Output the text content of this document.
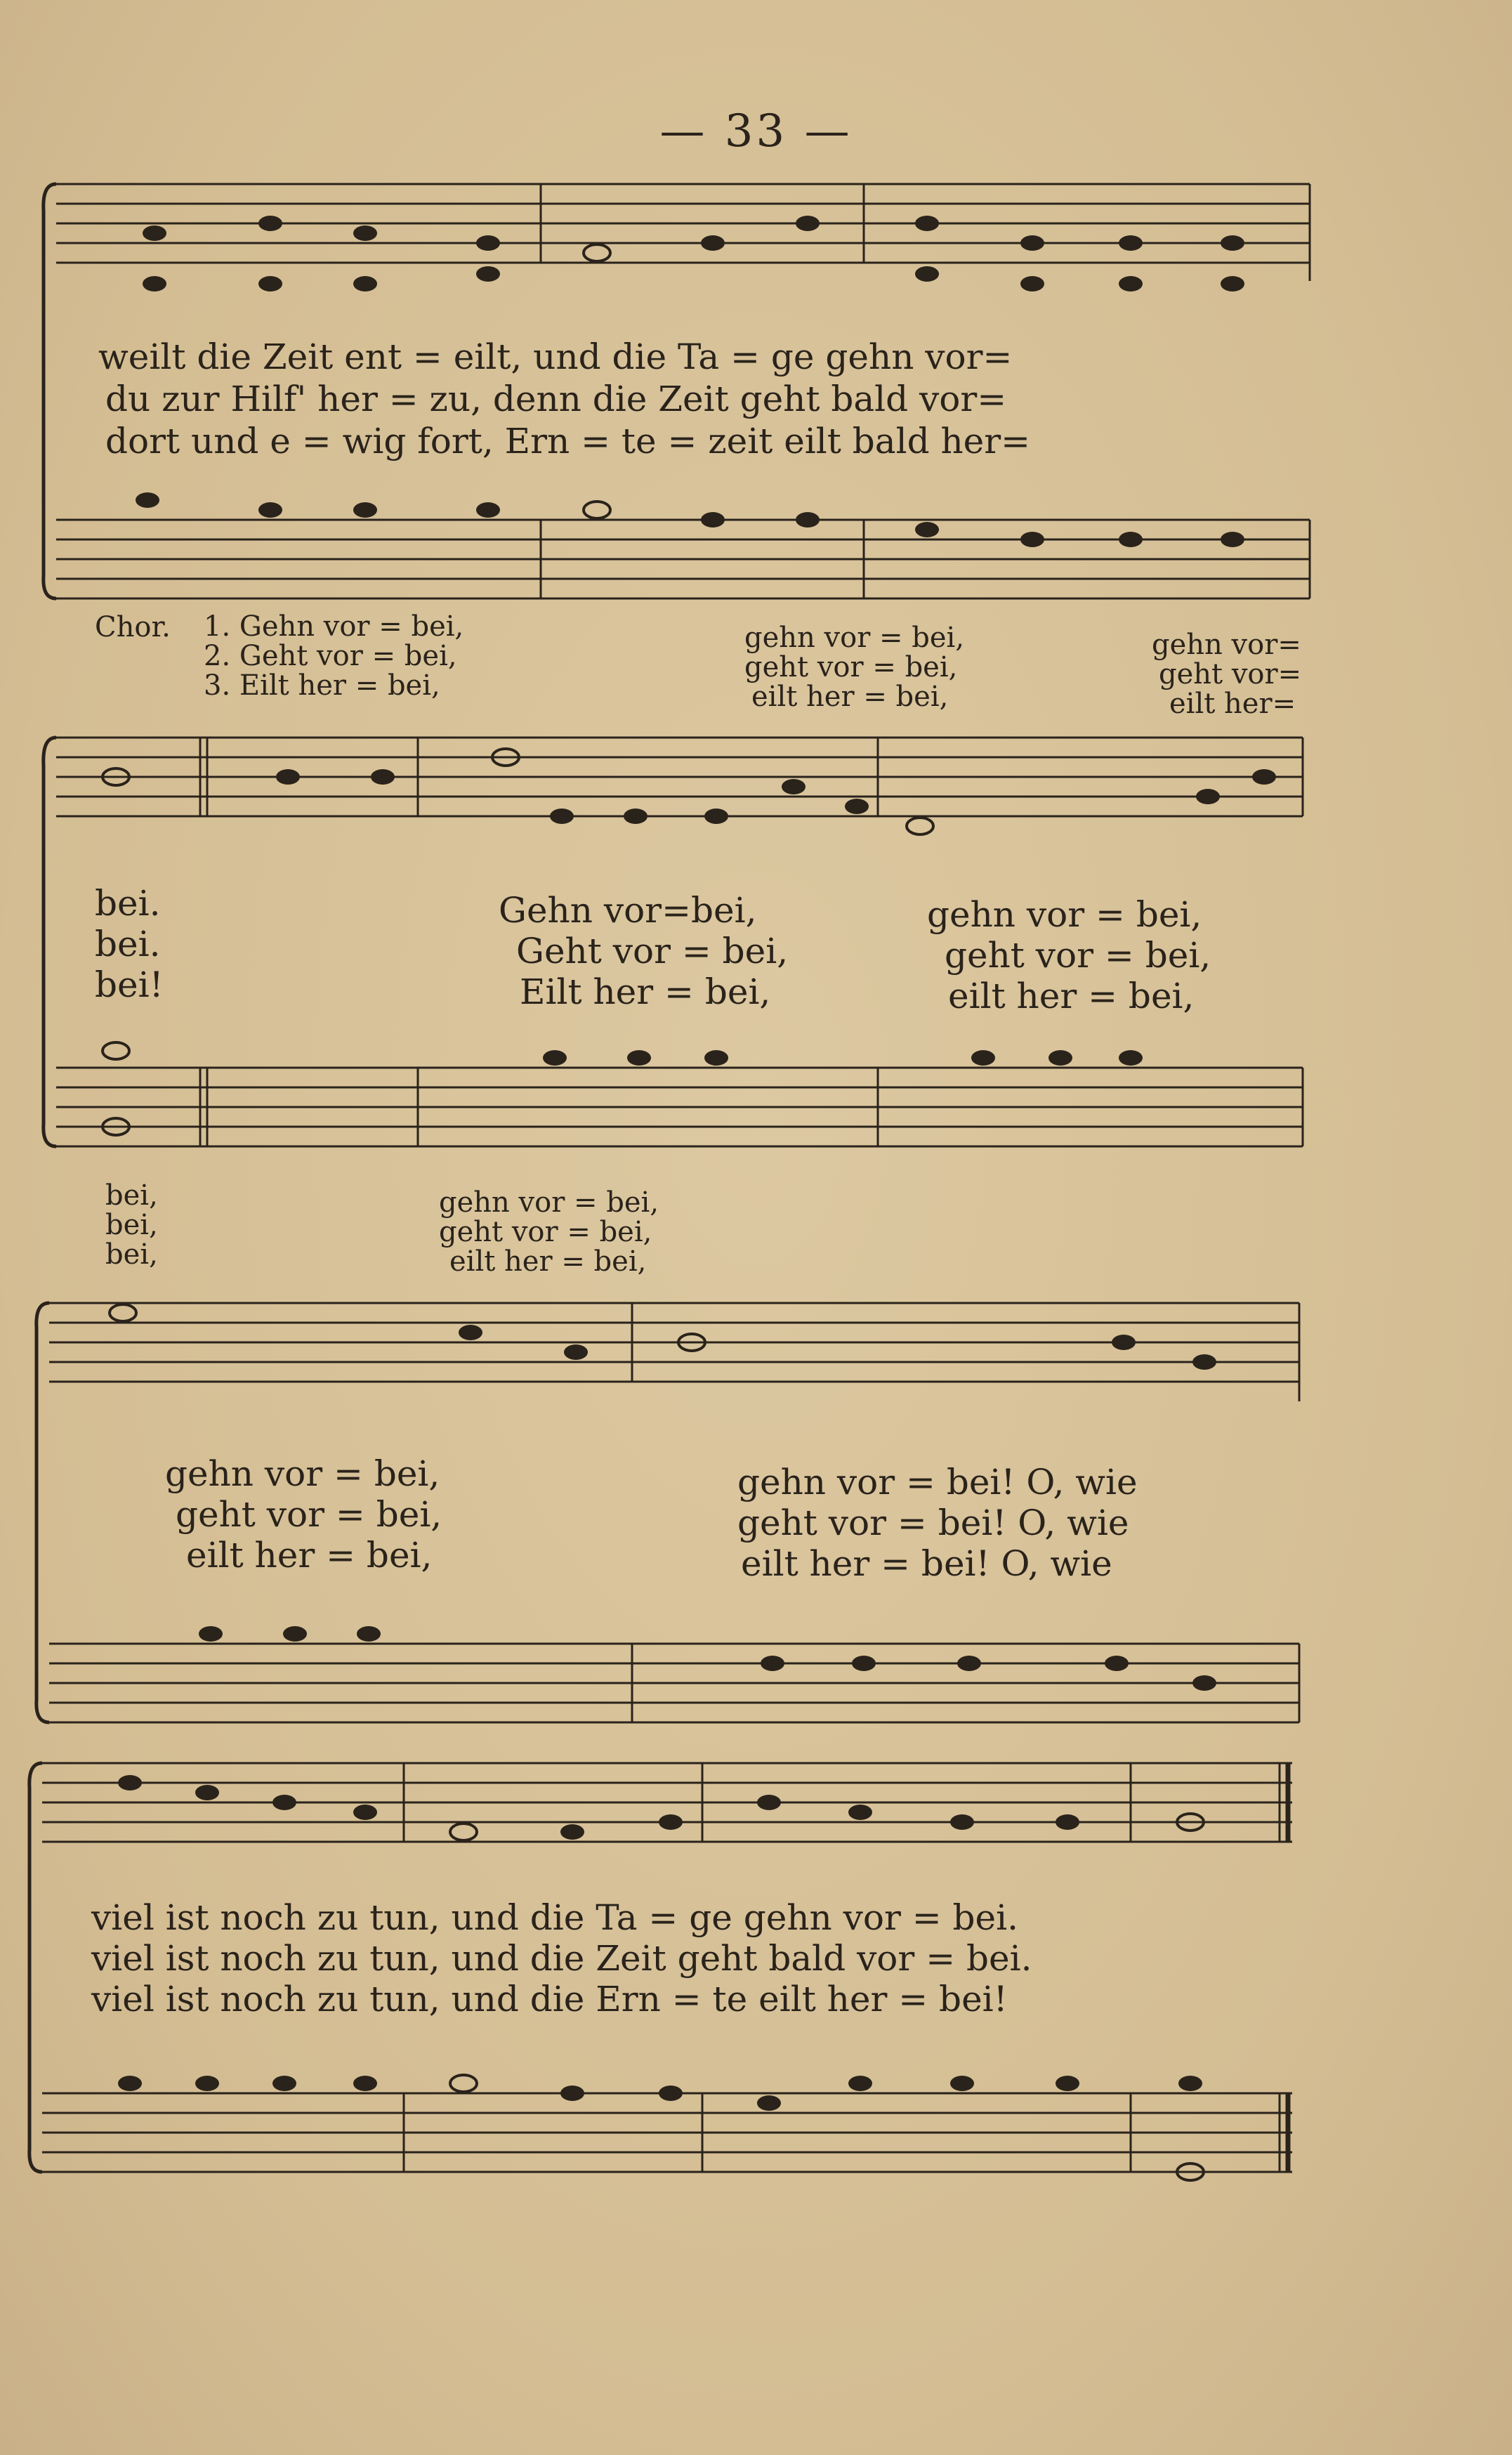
— 33 —
weilt die Zeit ent = eilt, und die Ta = ge gehn vor=
du zur Hilf' her = zu, denn die Zeit geht bald vor=
dort und e = wig fort, Ern = te = zeit eilt bald her=
Chor. 1. Gehn vor = bei,
2. Geht vor = bei,
3. Eilt her = bei,
gehn vor = bei,
geht vor = bei,
eilt her = bei,
gehn vor=
geht vor=
eilt her=
bei.
bei.
bei!
Gehn vor=bei,
Geht vor = bei,
Eilt her = bei,
gehn vor = bei,
geht vor = bei,
eilt her = bei,
bei,
bei,
bei,
gehn vor = bei,
geht vor = bei,
eilt her = bei,
gehn vor = bei,
geht vor = bei,
eilt her = bei,
gehn vor = bei! O, wie
geht vor = bei! O, wie
eilt her = bei! O, wie
viel ist noch zu tun, und die Ta = ge gehn vor = bei.
viel ist noch zu tun, und die Zeit geht bald vor = bei.
viel ist noch zu tun, und die Ern = te eilt her = bei!
